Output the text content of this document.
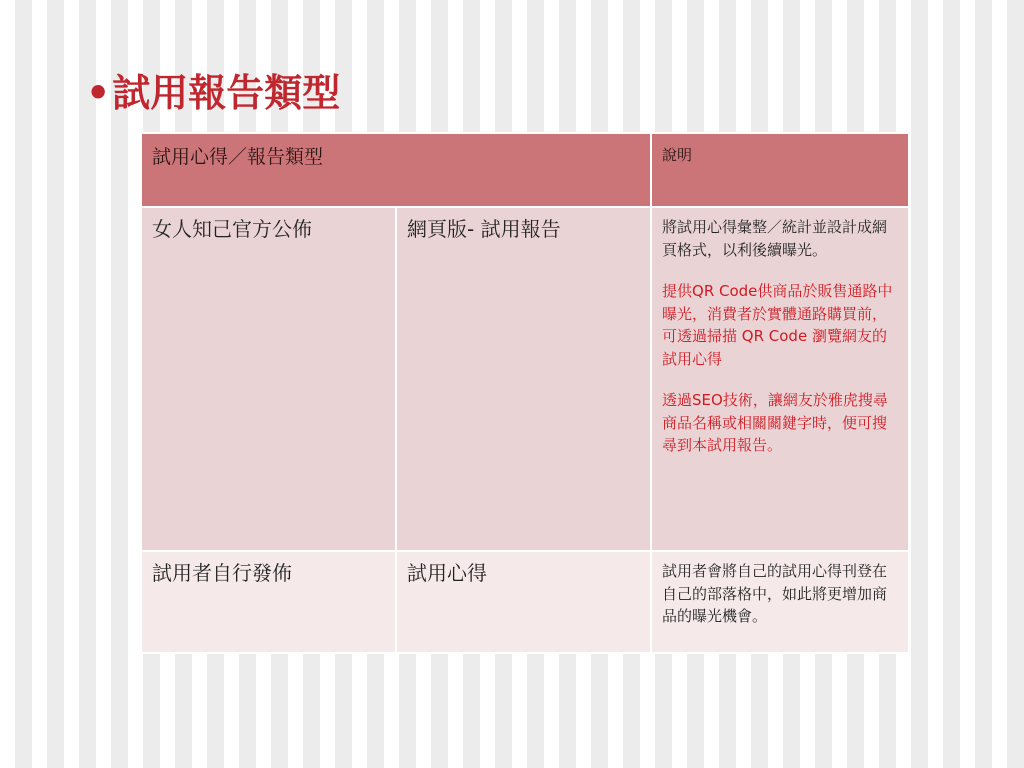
•試用報告類型
試用心得／報告類型		說明
女人知己官方公佈	網頁版- 試用報告	將試用心得彙整／統計並設計成網頁格式，以利後續曝光。

提供QR Code供商品於販售通路中曝光，消費者於實體通路購買前，可透過掃描 QR Code 瀏覽網友的試用心得

透過SEO技術，讓網友於雅虎搜尋商品名稱或相關關鍵字時，便可搜尋到本試用報告。

試用者自行發佈	試用心得	試用者會將自己的試用心得刊登在自己的部落格中，如此將更增加商品的曝光機會。
